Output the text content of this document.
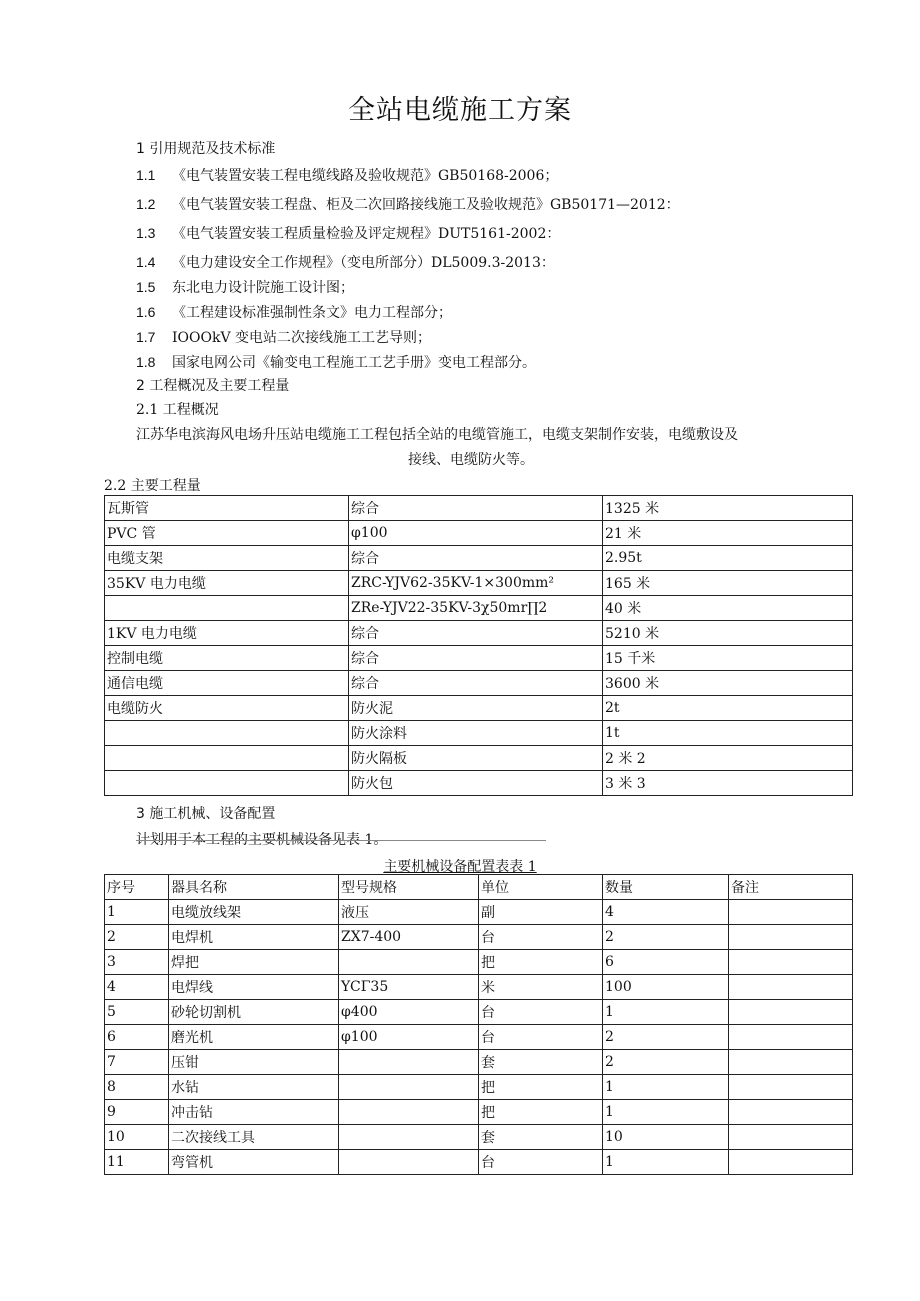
全站电缆施工方案
1 引用规范及技术标准
1.1 《电气装置安装工程电缆线路及验收规范》GB50168-2006；
1.2 《电气装置安装工程盘、柜及二次回路接线施工及验收规范》GB50171—2012：
1.3 《电气装置安装工程质量检验及评定规程》DUT5161-2002：
1.4 《电力建设安全工作规程》（变电所部分）DL5009.3-2013：
1.5 东北电力设计院施工设计图；
1.6 《工程建设标准强制性条文》电力工程部分；
1.7 IOOOkV 变电站二次接线施工工艺导则；
1.8 国家电网公司《输变电工程施工工艺手册》变电工程部分。
2 工程概况及主要工程量
2.1 工程概况
江苏华电滨海风电场升压站电缆施工工程包括全站的电缆管施工，电缆支架制作安装，电缆敷设及
接线、电缆防火等。
2.2 主要工程量
瓦斯管	综合	1325 米
PVC 管	φ100	21 米
电缆支架	综合	2.95t
35KV 电力电缆	ZRC-YJV62-35KV-1×300mm²	165 米
	ZRe-YJV22-35KV-3χ50mr∏2	40 米
1KV 电力电缆	综合	5210 米
控制电缆	综合	15 千米
通信电缆	综合	3600 米
电缆防火	防火泥	2t
	防火涂料	1t
	防火隔板	2 米 2
	防火包	3 米 3
3 施工机械、设备配置
计划用于本工程的主要机械设备见表 1。
主要机械设备配置表表 1
序号	器具名称	型号规格	单位	数量	备注
1	电缆放线架	液压	副	4	
2	电焊机	ZX7-400	台	2	
3	焊把		把	6	
4	电焊线	YCΓ35	米	100	
5	砂轮切割机	φ400	台	1	
6	磨光机	φ100	台	2	
7	压钳		套	2	
8	水钻		把	1	
9	冲击钻		把	1	
10	二次接线工具		套	10	
11	弯管机		台	1	
